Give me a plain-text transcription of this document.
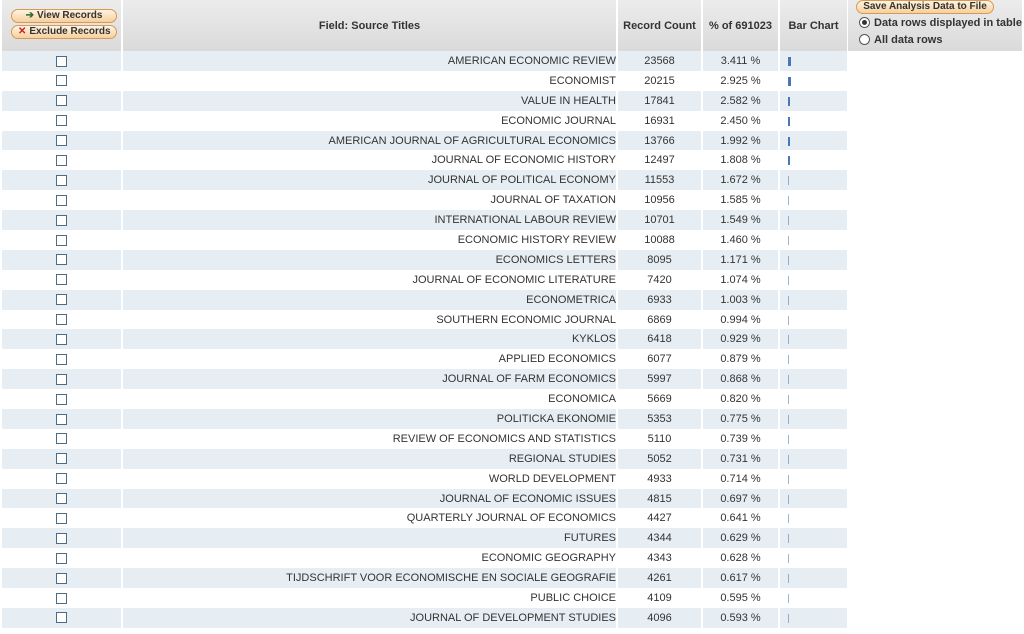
➔ View Records
✕ Exclude Records	Field: Source Titles	Record Count	% of 691023	Bar Chart
	AMERICAN ECONOMIC REVIEW	23568	3.411 %	

	ECONOMIST	20215	2.925 %	

	VALUE IN HEALTH	17841	2.582 %	

	ECONOMIC JOURNAL	16931	2.450 %	

	AMERICAN JOURNAL OF AGRICULTURAL ECONOMICS	13766	1.992 %	

	JOURNAL OF ECONOMIC HISTORY	12497	1.808 %	

	JOURNAL OF POLITICAL ECONOMY	11553	1.672 %	

	JOURNAL OF TAXATION	10956	1.585 %	

	INTERNATIONAL LABOUR REVIEW	10701	1.549 %	

	ECONOMIC HISTORY REVIEW	10088	1.460 %	

	ECONOMICS LETTERS	8095	1.171 %	

	JOURNAL OF ECONOMIC LITERATURE	7420	1.074 %	

	ECONOMETRICA	6933	1.003 %	

	SOUTHERN ECONOMIC JOURNAL	6869	0.994 %	

	KYKLOS	6418	0.929 %	

	APPLIED ECONOMICS	6077	0.879 %	

	JOURNAL OF FARM ECONOMICS	5997	0.868 %	

	ECONOMICA	5669	0.820 %	

	POLITICKA EKONOMIE	5353	0.775 %	

	REVIEW OF ECONOMICS AND STATISTICS	5110	0.739 %	

	REGIONAL STUDIES	5052	0.731 %	

	WORLD DEVELOPMENT	4933	0.714 %	

	JOURNAL OF ECONOMIC ISSUES	4815	0.697 %	

	QUARTERLY JOURNAL OF ECONOMICS	4427	0.641 %	

	FUTURES	4344	0.629 %	

	ECONOMIC GEOGRAPHY	4343	0.628 %	

	TIJDSCHRIFT VOOR ECONOMISCHE EN SOCIALE GEOGRAFIE	4261	0.617 %	

	PUBLIC CHOICE	4109	0.595 %	

	JOURNAL OF DEVELOPMENT STUDIES	4096	0.593 %	
Save Analysis Data to File
Data rows displayed in table
All data rows
